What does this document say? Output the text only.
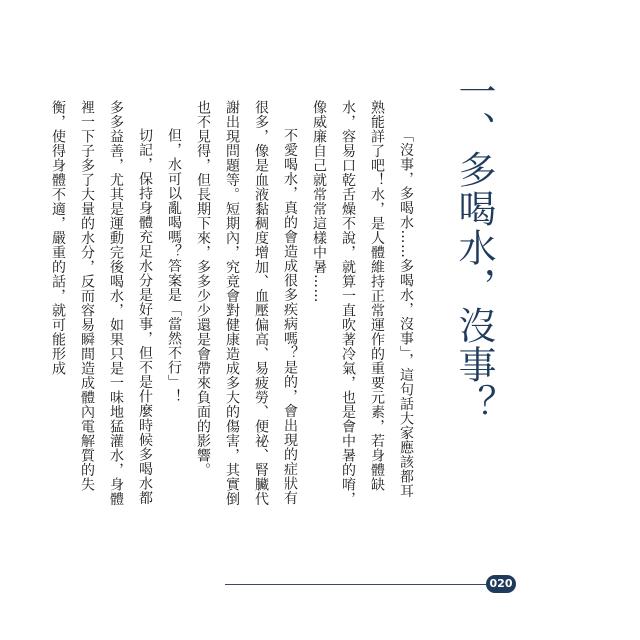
一、多喝水，沒事？

「沒事，多喝水……多喝水，沒事」，這句話大家應該都耳熟能詳了吧！水，是人體維持正常運作的重要元素，若身體缺水，容易口乾舌燥不說，就算一直吹著冷氣，也是會中暑的唷，像威廉自己就常常這樣中暑……

不愛喝水，真的會造成很多疾病嗎？是的，會出現的症狀有很多，像是血液黏稠度增加、血壓偏高、易疲勞、便祕、腎臟代謝出現問題等。短期內，究竟會對健康造成多大的傷害，其實倒也不見得，但長期下來，多多少少還是會帶來負面的影響。

但，水可以亂喝嗎？答案是「當然不行」！

切記，保持身體充足水分是好事，但不是什麼時候多喝水都多多益善，尤其是運動完後喝水，如果只是一味地猛灌水，身體裡一下子多了大量的水分，反而容易瞬間造成體內電解質的失衡，使得身體不適，嚴重的話，就可能形成

020
